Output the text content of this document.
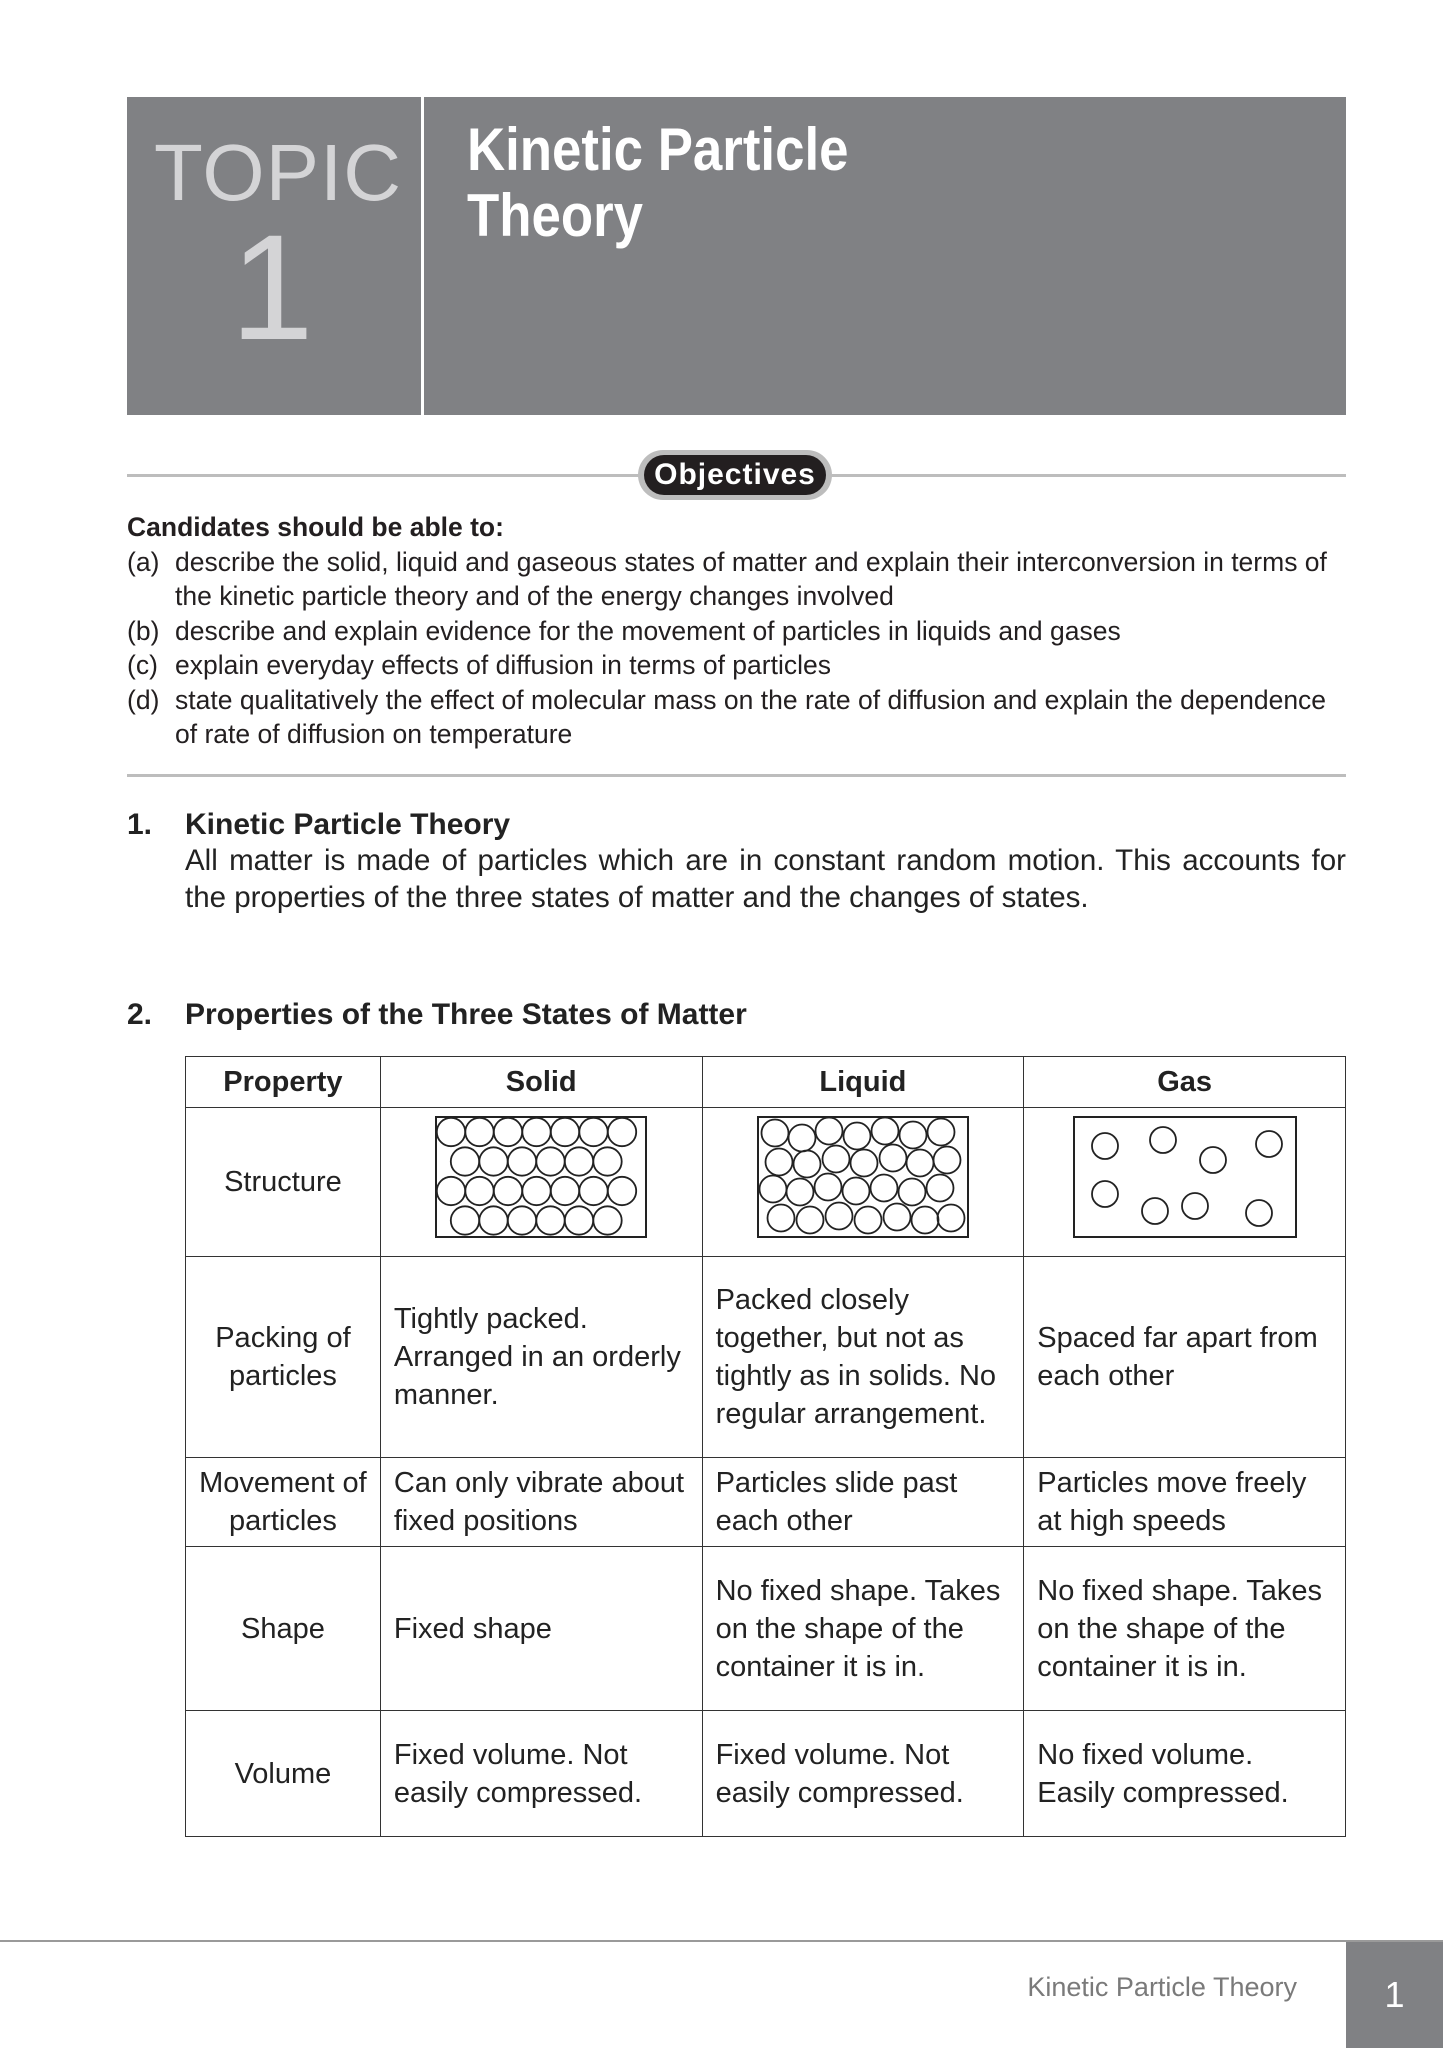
TOPIC
1
Kinetic Particle
Theory
Objectives
Candidates should be able to:
(a) describe the solid, liquid and gaseous states of matter and explain their interconversion in terms of the kinetic particle theory and of the energy changes involved
(b) describe and explain evidence for the movement of particles in liquids and gases
(c) explain everyday effects of diffusion in terms of particles
(d) state qualitatively the effect of molecular mass on the rate of diffusion and explain the dependence of rate of diffusion on temperature
1.	Kinetic Particle Theory
All matter is made of particles which are in constant random motion. This accounts for the properties of the three states of matter and the changes of states.
2.	Properties of the Three States of Matter
Property	Solid	Liquid	Gas
Structure			
Packing of particles	Tightly packed. Arranged in an orderly manner.	Packed closely together, but not as tightly as in solids. No regular arrangement.	Spaced far apart from each other
Movement of particles	Can only vibrate about fixed positions	Particles slide past each other	Particles move freely at high speeds
Shape	Fixed shape	No fixed shape. Takes on the shape of the container it is in.	No fixed shape. Takes on the shape of the container it is in.
Volume	Fixed volume. Not easily compressed.	Fixed volume. Not easily compressed.	No fixed volume. Easily compressed.
Kinetic Particle Theory	1
